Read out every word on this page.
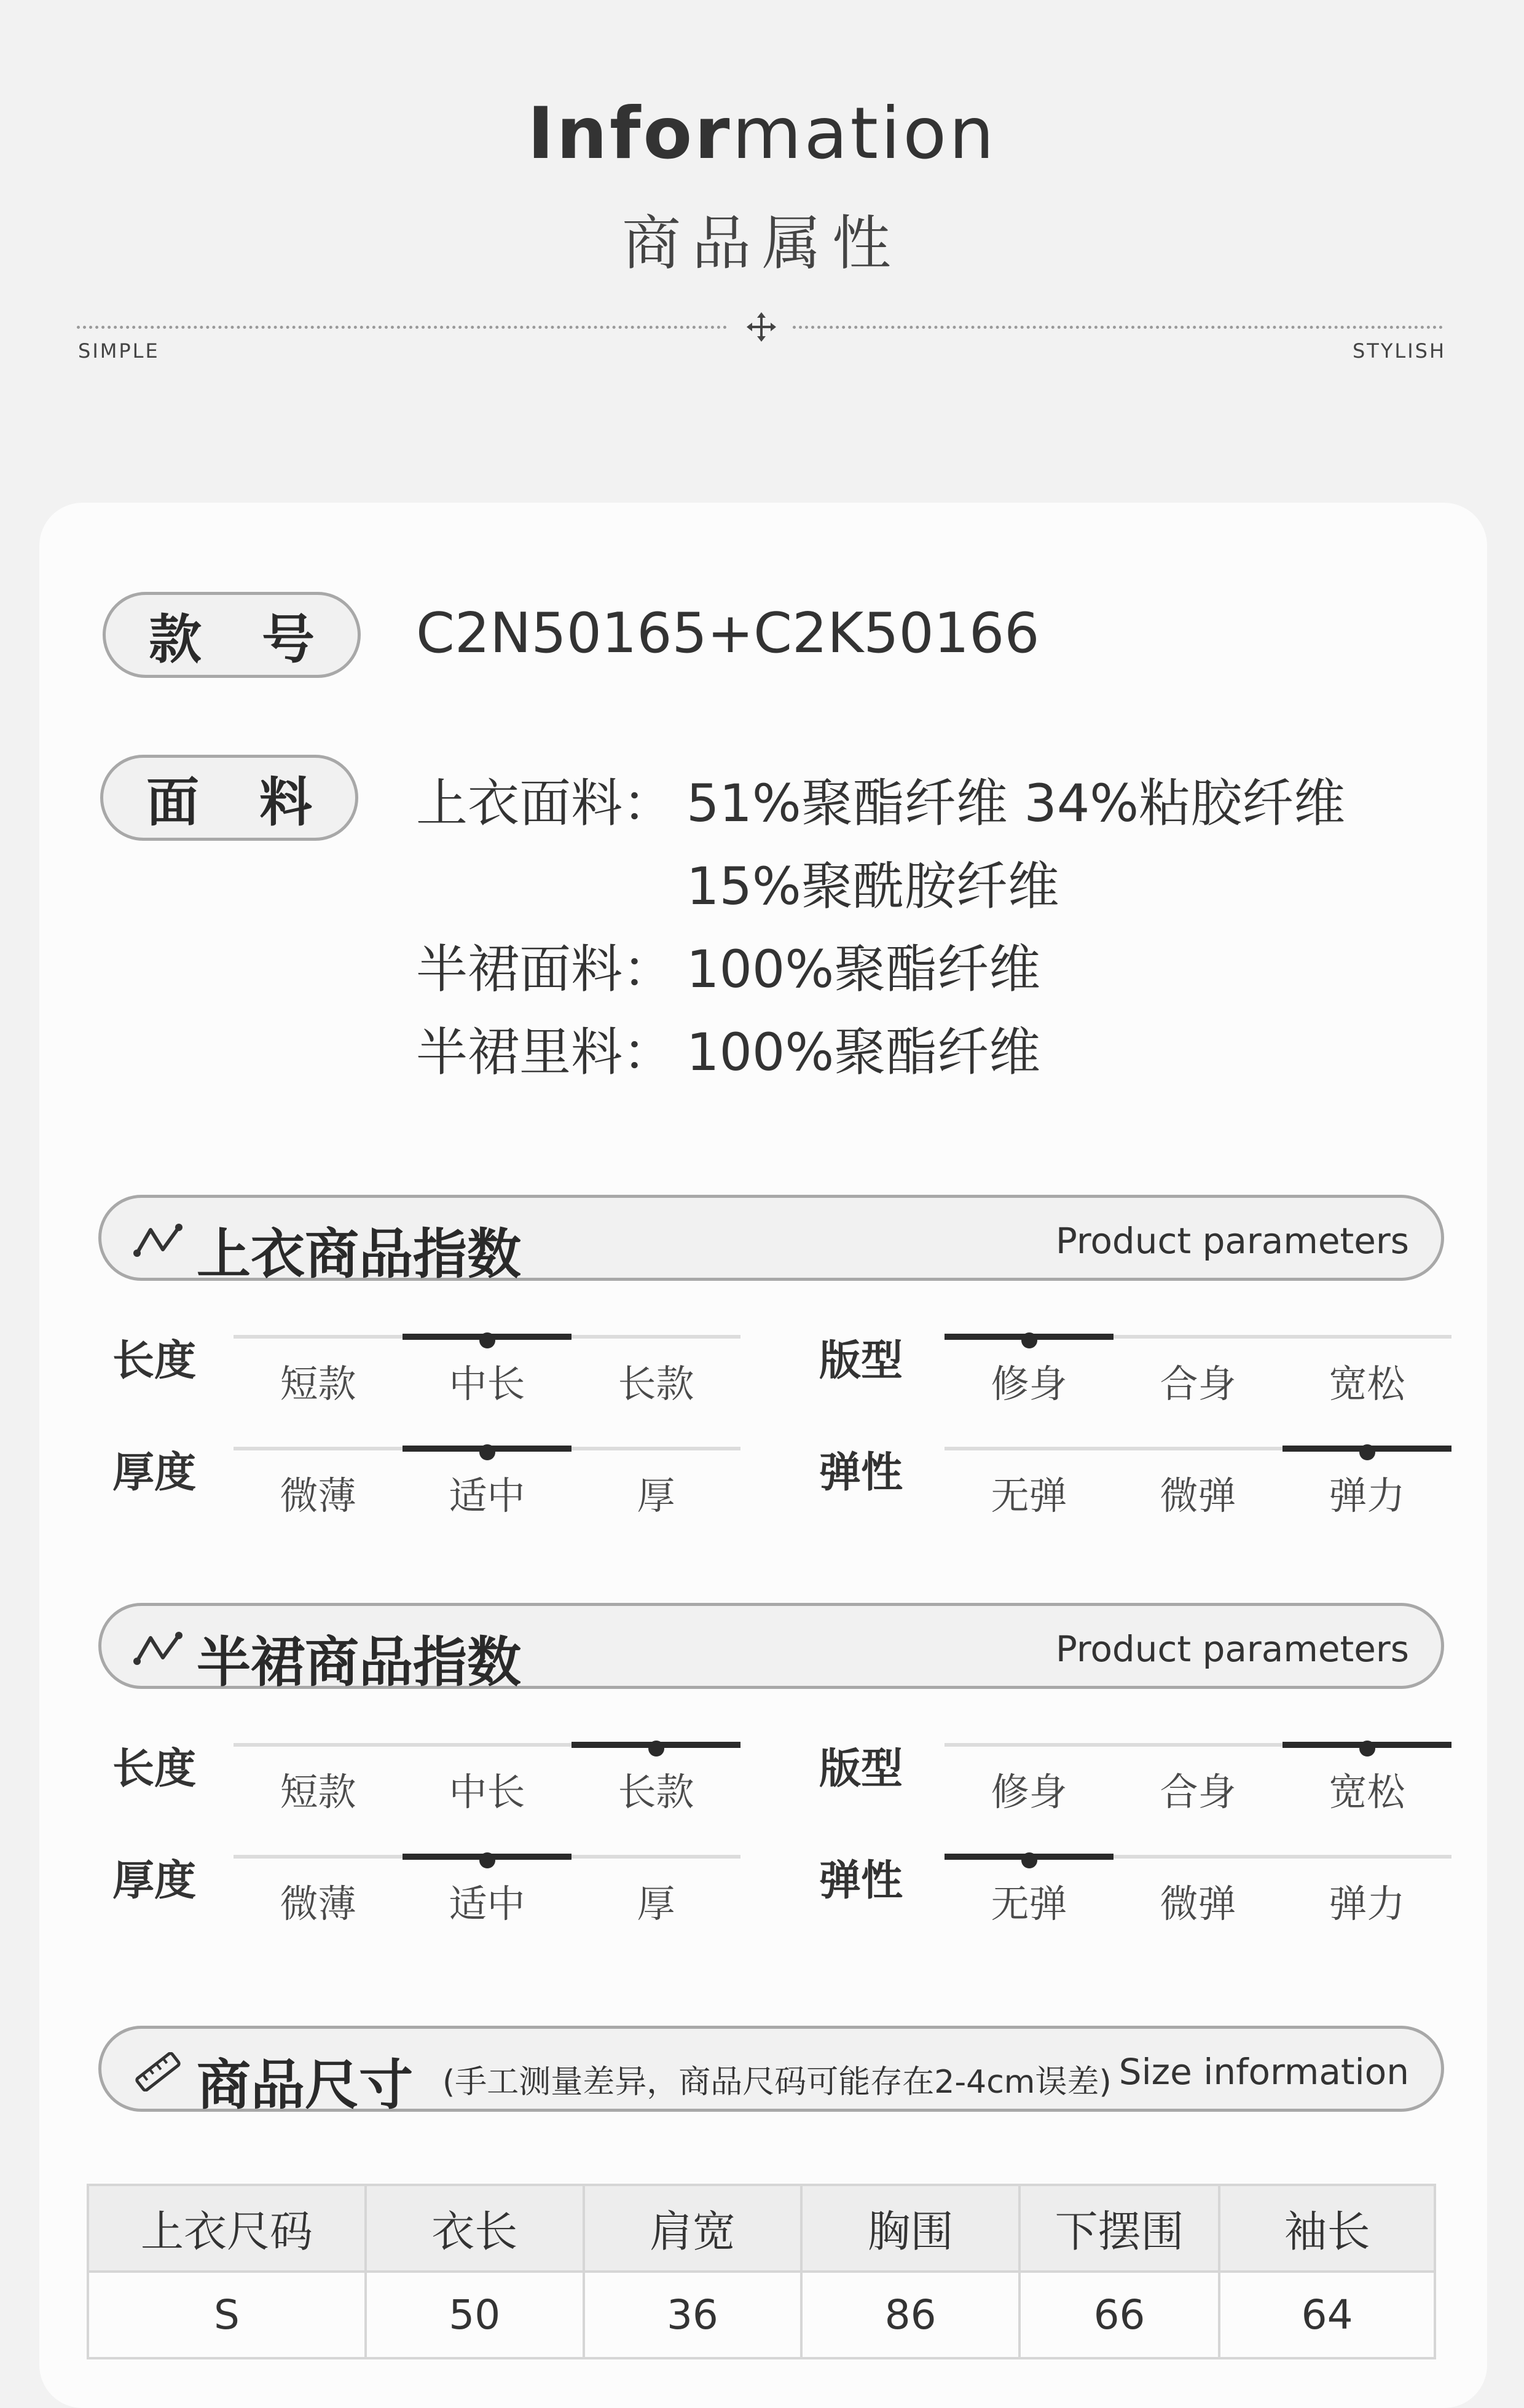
Information
商品属性
SIMPLE	STYLISH
款 号	C2N50165+C2K50166
面 料	上衣面料： 51%聚酯纤维 34%粘胶纤维
15%聚酰胺纤维
半裙面料： 100%聚酯纤维
半裙里料： 100%聚酯纤维
上衣商品指数	Product parameters
长度	短款	中长	长款	版型	修身	合身	宽松
厚度	微薄	适中	厚	弹性	无弹	微弹	弹力
半裙商品指数	Product parameters
长度	短款	中长	长款	版型	修身	合身	宽松
厚度	微薄	适中	厚	弹性	无弹	微弹	弹力
商品尺寸 (手工测量差异，商品尺码可能存在2-4cm误差) Size information
上衣尺码	衣长	肩宽	胸围	下摆围	袖长
S	50	36	86	66	64
